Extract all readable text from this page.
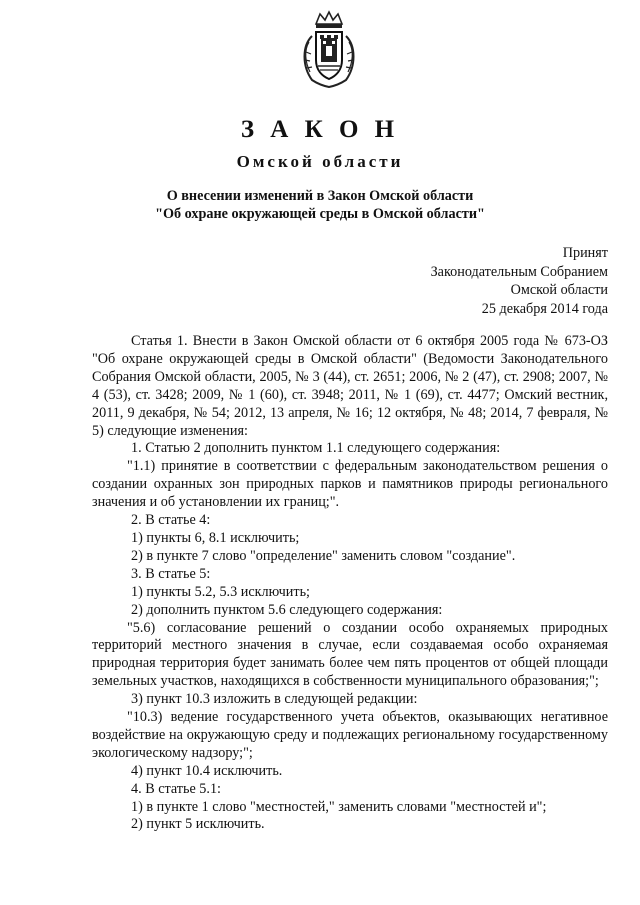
З А К О Н
Омской области
О внесении изменений в Закон Омской области
"Об охране окружающей среды в Омской области"
Принят
Законодательным Собранием
Омской области
25 декабря 2014 года

Статья 1. Внести в Закон Омской области от 6 октября 2005 года № 673-ОЗ "Об охране окружающей среды в Омской области" (Ведомости Законодательного Собрания Омской области, 2005, № 3 (44), ст. 2651; 2006, № 2 (47), ст. 2908; 2007, № 4 (53), ст. 3428; 2009, № 1 (60), ст. 3948; 2011, № 1 (69), ст. 4477; Омский вестник, 2011, 9 декабря, № 54; 2012, 13 апреля, № 16; 12 октября, № 48; 2014, 7 февраля, № 5) следующие изменения:

1. Статью 2 дополнить пунктом 1.1 следующего содержания:

"1.1) принятие в соответствии с федеральным законодательством решения о создании охранных зон природных парков и памятников природы регионального значения и об установлении их границ;".

2. В статье 4:

1) пункты 6, 8.1 исключить;

2) в пункте 7 слово "определение" заменить словом "создание".

3. В статье 5:

1) пункты 5.2, 5.3 исключить;

2) дополнить пунктом 5.6 следующего содержания:

"5.6) согласование решений о создании особо охраняемых природных территорий местного значения в случае, если создаваемая особо охраняемая природная территория будет занимать более чем пять процентов от общей площади земельных участков, находящихся в собственности муниципального образования;";

3) пункт 10.3 изложить в следующей редакции:

"10.3) ведение государственного учета объектов, оказывающих негативное воздействие на окружающую среду и подлежащих региональному государственному экологическому надзору;";

4) пункт 10.4 исключить.

4. В статье 5.1:

1) в пункте 1 слово "местностей," заменить словами "местностей и";

2) пункт 5 исключить.
